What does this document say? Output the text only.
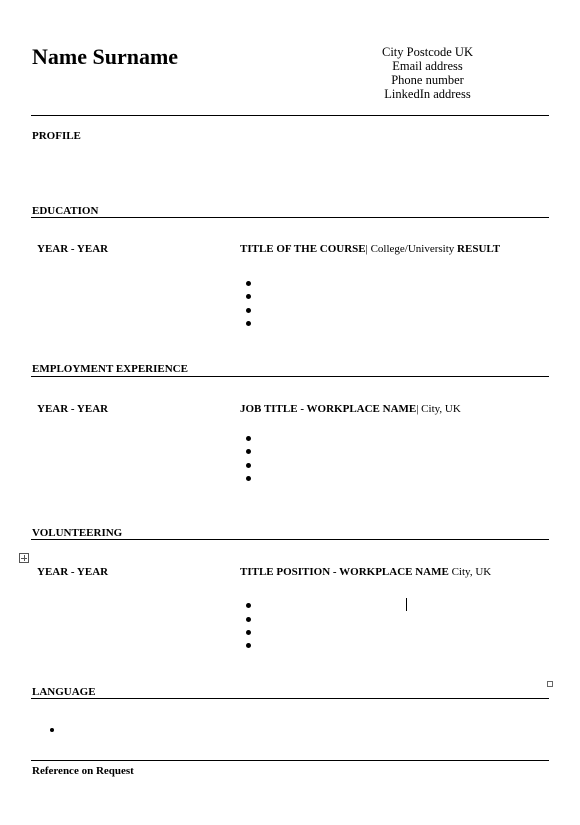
Name Surname	City Postcode UK
Email address
Phone number
LinkedIn address
PROFILE
EDUCATION
YEAR - YEAR	TITLE OF THE COURSE| College/University RESULT
EMPLOYMENT EXPERIENCE
YEAR - YEAR	JOB TITLE - WORKPLACE NAME| City, UK
VOLUNTEERING
YEAR - YEAR	TITLE POSITION - WORKPLACE NAME City, UK
LANGUAGE
Reference on Request
